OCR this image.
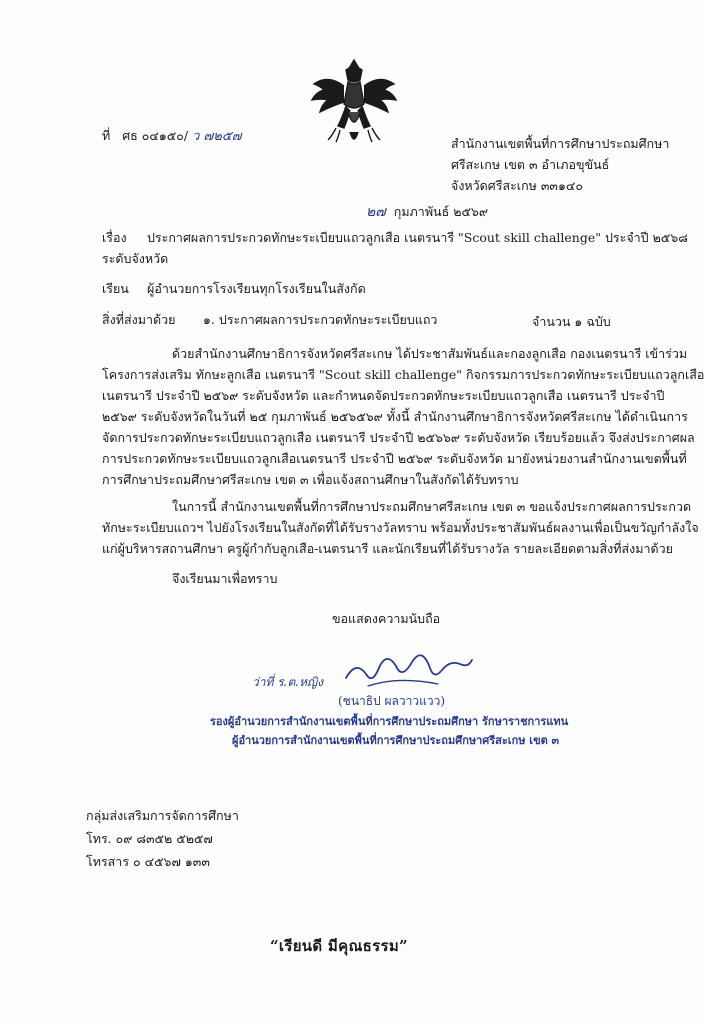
ที่ ศธ ๐๔๑๕๐/ ว ๗๒๕๗	สำนักงานเขตพื้นที่การศึกษาประถมศึกษา
ศรีสะเกษ เขต ๓ อำเภอขุขันธ์
จังหวัดศรีสะเกษ ๓๓๑๔๐
๒๗ กุมภาพันธ์ ๒๕๖๙
เรื่อง ประกาศผลการประกวดทักษะระเบียบแถวลูกเสือ เนตรนารี "Scout skill challenge" ประจำปี ๒๕๖๘
ระดับจังหวัด
เรียน ผู้อำนวยการโรงเรียนทุกโรงเรียนในสังกัด
สิ่งที่ส่งมาด้วย ๑. ประกาศผลการประกวดทักษะระเบียบแถว	จำนวน ๑ ฉบับ
ด้วยสำนักงานศึกษาธิการจังหวัดศรีสะเกษ ได้ประชาสัมพันธ์และกองลูกเสือ กองเนตรนารี เข้าร่วม
โครงการส่งเสริม ทักษะลูกเสือ เนตรนารี "Scout skill challenge" กิจกรรมการประกวดทักษะระเบียบแถวลูกเสือ
เนตรนารี ประจำปี ๒๕๖๙ ระดับจังหวัด และกำหนดจัดประกวดทักษะระเบียบแถวลูกเสือ เนตรนารี ประจำปี
๒๕๖๙ ระดับจังหวัดในวันที่ ๒๕ กุมภาพันธ์ ๒๕๖๕๖๙ ทั้งนี้ สำนักงานศึกษาธิการจังหวัดศรีสะเกษ ได้ดำเนินการ
จัดการประกวดทักษะระเบียบแถวลูกเสือ เนตรนารี ประจำปี ๒๕๖๖๙ ระดับจังหวัด เรียบร้อยแล้ว จึงส่งประกาศผล
การประกวดทักษะระเบียบแถวลูกเสือเนตรนารี ประจำปี ๒๕๖๙ ระดับจังหวัด มายังหน่วยงานสำนักงานเขตพื้นที่
การศึกษาประถมศึกษาศรีสะเกษ เขต ๓ เพื่อแจ้งสถานศึกษาในสังกัดได้รับทราบ
ในการนี้ สำนักงานเขตพื้นที่การศึกษาประถมศึกษาศรีสะเกษ เขต ๓ ขอแจ้งประกาศผลการประกวด
ทักษะระเบียบแถวฯ ไปยังโรงเรียนในสังกัดที่ได้รับรางวัลทราบ พร้อมทั้งประชาสัมพันธ์ผลงานเพื่อเป็นขวัญกำลังใจ
แก่ผู้บริหารสถานศึกษา ครูผู้กำกับลูกเสือ-เนตรนารี และนักเรียนที่ได้รับรางวัล รายละเอียดตามสิ่งที่ส่งมาด้วย
จึงเรียนมาเพื่อทราบ
ขอแสดงความนับถือ
ว่าที่ ร.ต.หญิง
(ชนาธิป ผลวาวแวว)
รองผู้อำนวยการสำนักงานเขตพื้นที่การศึกษาประถมศึกษา รักษาราชการแทน
ผู้อำนวยการสำนักงานเขตพื้นที่การศึกษาประถมศึกษาศรีสะเกษ เขต ๓
กลุ่มส่งเสริมการจัดการศึกษา
โทร. ๐๙ ๘๓๕๒ ๕๒๕๗
โทรสาร ๐ ๔๕๖๗ ๑๓๓
“เรียนดี มีคุณธรรม”
